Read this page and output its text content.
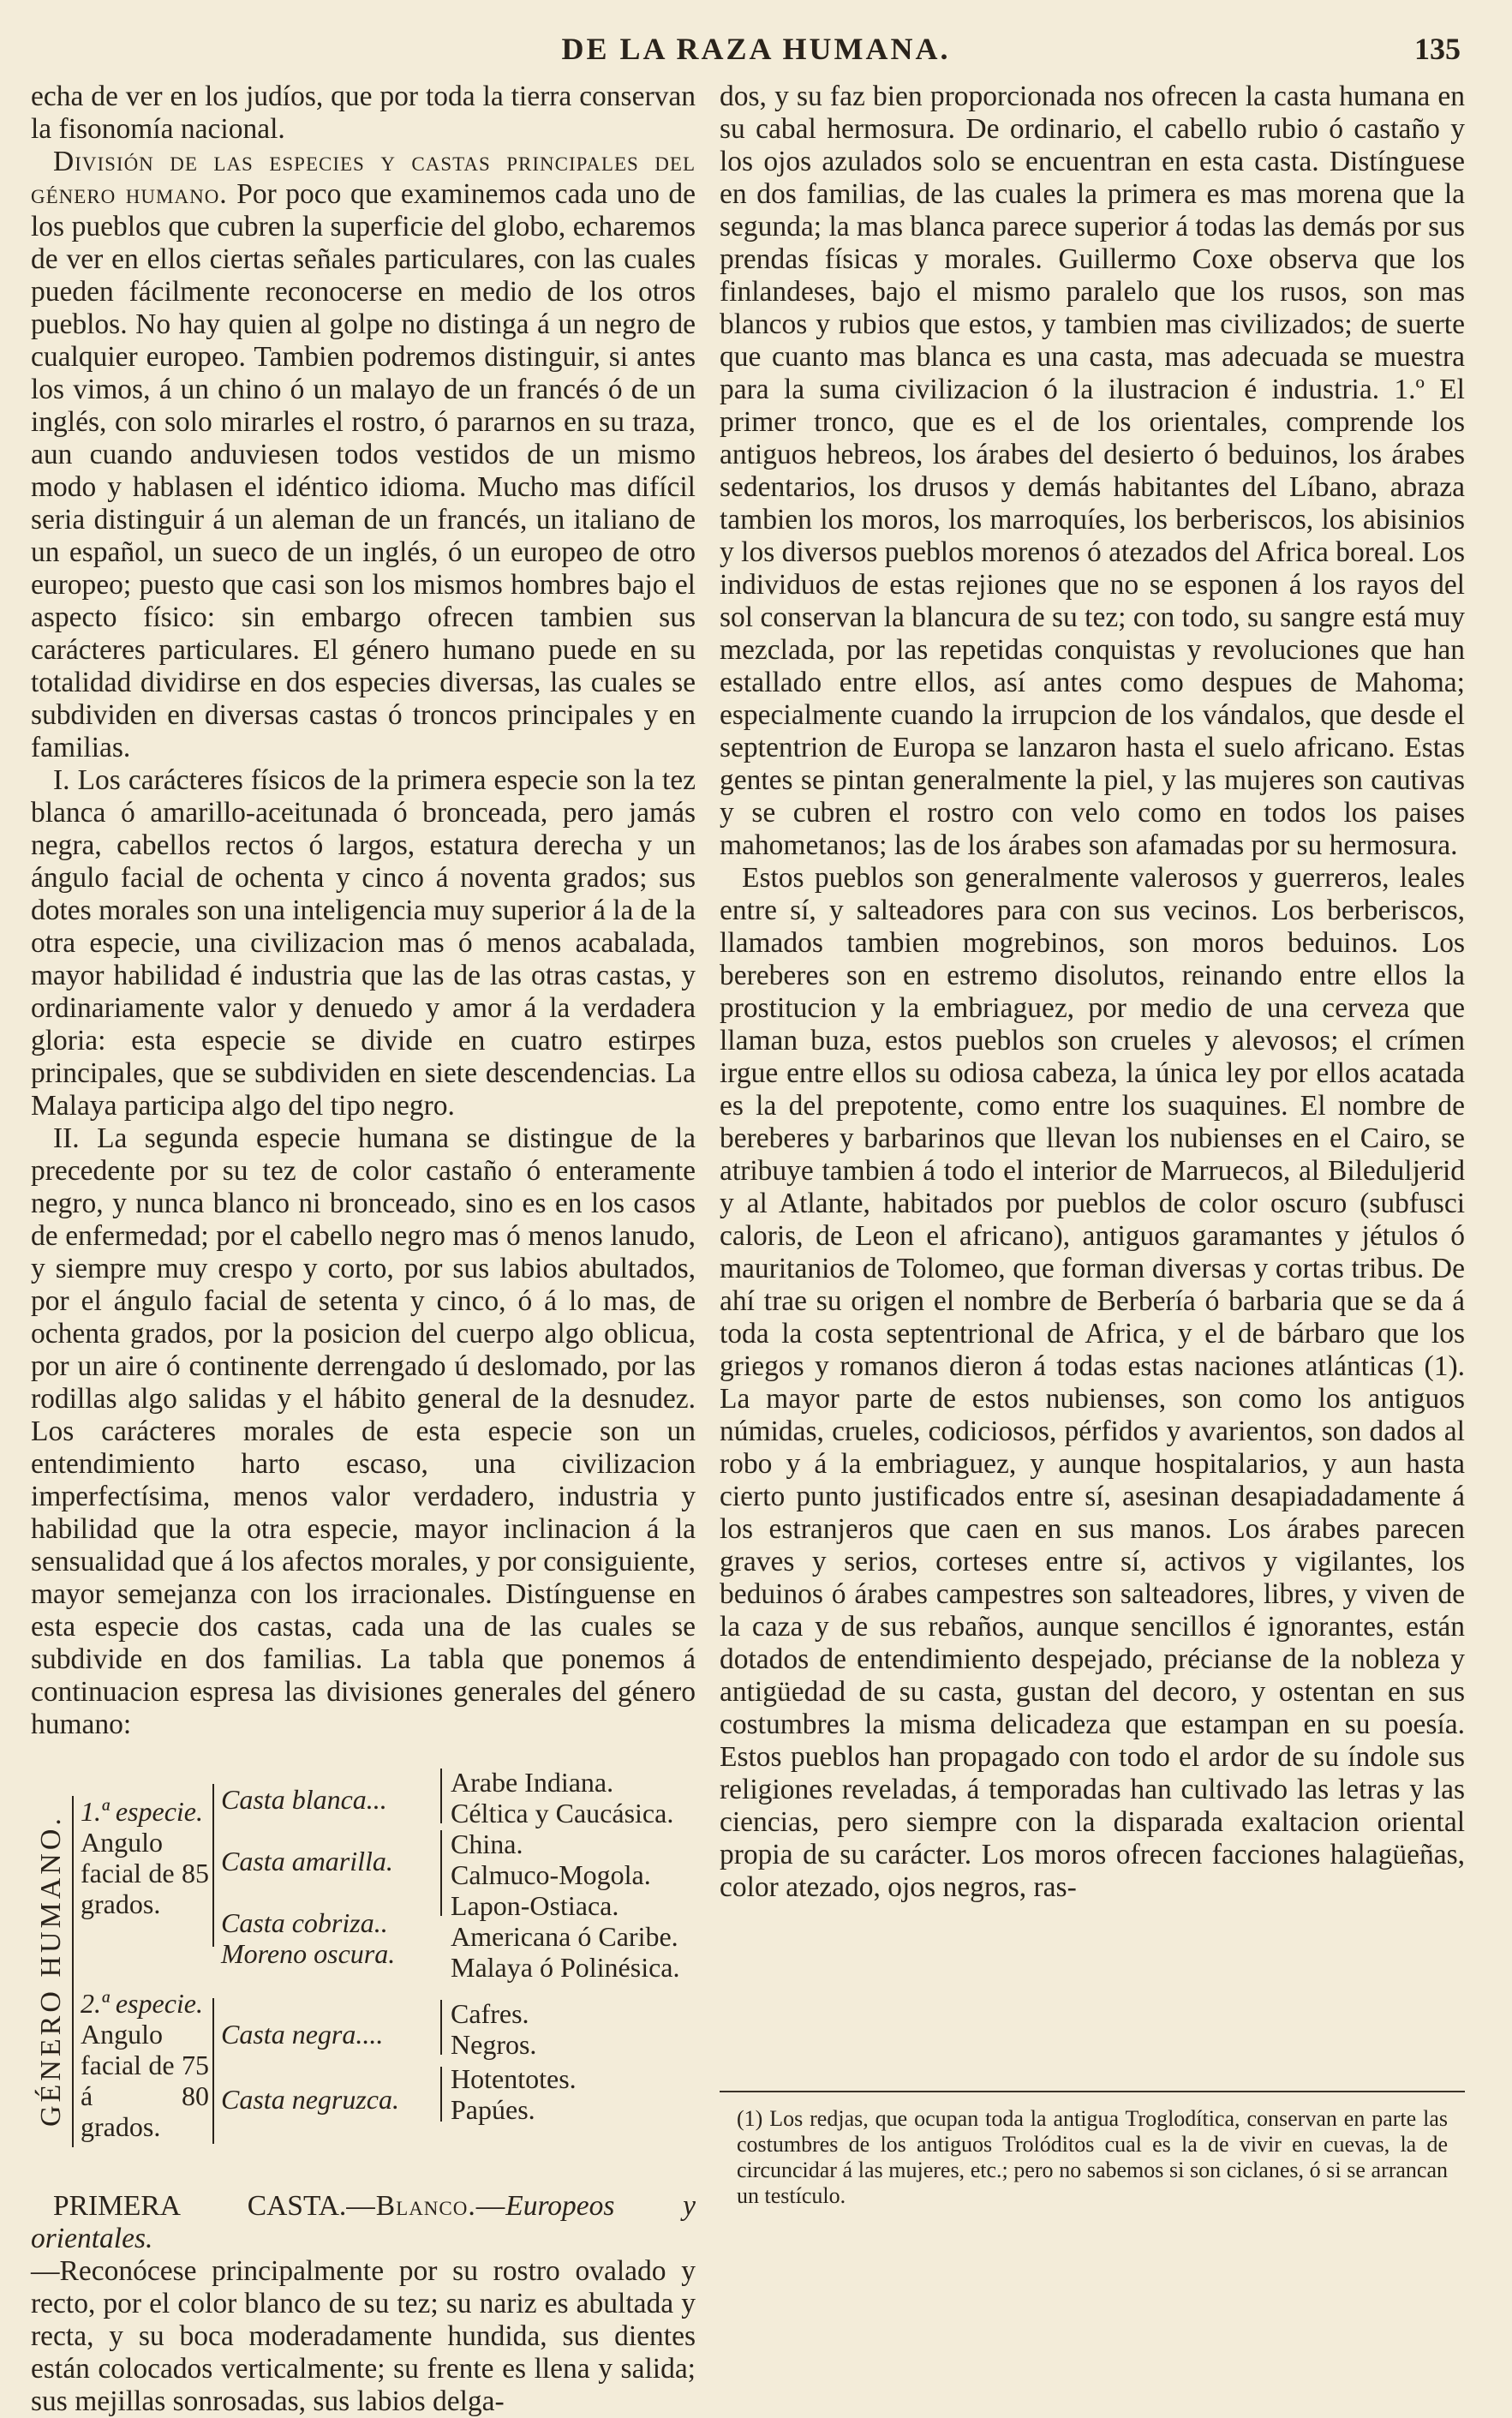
DE LA RAZA HUMANA.	135

echa de ver en los judíos, que por toda la tierra conservan la fisonomía nacional.

División de las especies y castas principales del género humano. Por poco que examinemos cada uno de los pueblos que cubren la superficie del globo, echaremos de ver en ellos ciertas señales particulares, con las cuales pueden fácilmente reconocerse en medio de los otros pueblos. No hay quien al golpe no distinga á un negro de cualquier europeo. Tambien podremos distinguir, si antes los vimos, á un chino ó un malayo de un francés ó de un inglés, con solo mirarles el rostro, ó pararnos en su traza, aun cuando anduviesen todos vestidos de un mismo modo y hablasen el idéntico idioma. Mucho mas difícil seria distinguir á un aleman de un francés, un italiano de un español, un sueco de un inglés, ó un europeo de otro europeo; puesto que casi son los mismos hombres bajo el aspecto físico: sin embargo ofrecen tambien sus carácteres particulares. El género humano puede en su totalidad dividirse en dos especies diversas, las cuales se subdividen en diversas castas ó troncos principales y en familias.

I. Los carácteres físicos de la primera especie son la tez blanca ó amarillo-aceitunada ó bronceada, pero jamás negra, cabellos rectos ó largos, estatura derecha y un ángulo facial de ochenta y cinco á noventa grados; sus dotes morales son una inteligencia muy superior á la de la otra especie, una civilizacion mas ó menos acabalada, mayor habilidad é industria que las de las otras castas, y ordinariamente valor y denuedo y amor á la verdadera gloria: esta especie se divide en cuatro estirpes principales, que se subdividen en siete descendencias. La Malaya participa algo del tipo negro.

II. La segunda especie humana se distingue de la precedente por su tez de color castaño ó enteramente negro, y nunca blanco ni bronceado, sino es en los casos de enfermedad; por el cabello negro mas ó menos lanudo, y siempre muy crespo y corto, por sus labios abultados, por el ángulo facial de setenta y cinco, ó á lo mas, de ochenta grados, por la posicion del cuerpo algo oblicua, por un aire ó continente derrengado ú deslomado, por las rodillas algo salidas y el hábito general de la desnudez. Los carácteres morales de esta especie son un entendimiento harto escaso, una civilizacion imperfectísima, menos valor verdadero, industria y habilidad que la otra especie, mayor inclinacion á la sensualidad que á los afectos morales, y por consiguiente, mayor semejanza con los irracionales. Distínguense en esta especie dos castas, cada una de las cuales se subdivide en dos familias. La tabla que ponemos á continuacion espresa las divisiones generales del género humano:

GÉNERO HUMANO.
1.ª especie.
Angulo facial de 85 grados.
Casta blanca...
Casta amarilla.
Casta cobriza..
Moreno oscura.
Arabe Indiana.
Céltica y Caucásica.
China.
Calmuco-Mogola.
Lapon-Ostiaca.
Americana ó Caribe.
Malaya ó Polinésica.
2.ª especie.
Angulo facial de 75 á 80 grados.
Casta negra....
Casta negruzca.
Cafres.
Negros.
Hotentotes.
Papúes.

PRIMERA CASTA.—Blanco.—Europeos y orientales.
—Reconócese principalmente por su rostro ovalado y recto, por el color blanco de su tez; su nariz es abultada y recta, y su boca moderadamente hundida, sus dientes están colocados verticalmente; su frente es llena y salida; sus mejillas sonrosadas, sus labios delga-

dos, y su faz bien proporcionada nos ofrecen la casta humana en su cabal hermosura. De ordinario, el cabello rubio ó castaño y los ojos azulados solo se encuentran en esta casta. Distínguese en dos familias, de las cuales la primera es mas morena que la segunda; la mas blanca parece superior á todas las demás por sus prendas físicas y morales. Guillermo Coxe observa que los finlandeses, bajo el mismo paralelo que los rusos, son mas blancos y rubios que estos, y tambien mas civilizados; de suerte que cuanto mas blanca es una casta, mas adecuada se muestra para la suma civilizacion ó la ilustracion é industria. 1.º El primer tronco, que es el de los orientales, comprende los antiguos hebreos, los árabes del desierto ó beduinos, los árabes sedentarios, los drusos y demás habitantes del Líbano, abraza tambien los moros, los marroquíes, los berberiscos, los abisinios y los diversos pueblos morenos ó atezados del Africa boreal. Los individuos de estas rejiones que no se esponen á los rayos del sol conservan la blancura de su tez; con todo, su sangre está muy mezclada, por las repetidas conquistas y revoluciones que han estallado entre ellos, así antes como despues de Mahoma; especialmente cuando la irrupcion de los vándalos, que desde el septentrion de Europa se lanzaron hasta el suelo africano. Estas gentes se pintan generalmente la piel, y las mujeres son cautivas y se cubren el rostro con velo como en todos los paises mahometanos; las de los árabes son afamadas por su hermosura.

Estos pueblos son generalmente valerosos y guerreros, leales entre sí, y salteadores para con sus vecinos. Los berberiscos, llamados tambien mogrebinos, son moros beduinos. Los bereberes son en estremo disolutos, reinando entre ellos la prostitucion y la embriaguez, por medio de una cerveza que llaman buza, estos pueblos son crueles y alevosos; el crímen irgue entre ellos su odiosa cabeza, la única ley por ellos acatada es la del prepotente, como entre los suaquines. El nombre de bereberes y barbarinos que llevan los nubienses en el Cairo, se atribuye tambien á todo el interior de Marruecos, al Bileduljerid y al Atlante, habitados por pueblos de color oscuro (subfusci caloris, de Leon el africano), antiguos garamantes y jétulos ó mauritanios de Tolomeo, que forman diversas y cortas tribus. De ahí trae su origen el nombre de Berbería ó barbaria que se da á toda la costa septentrional de Africa, y el de bárbaro que los griegos y romanos dieron á todas estas naciones atlánticas (1). La mayor parte de estos nubienses, son como los antiguos númidas, crueles, codiciosos, pérfidos y avarientos, son dados al robo y á la embriaguez, y aunque hospitalarios, y aun hasta cierto punto justificados entre sí, asesinan desapiadadamente á los estranjeros que caen en sus manos. Los árabes parecen graves y serios, corteses entre sí, activos y vigilantes, los beduinos ó árabes campestres son salteadores, libres, y viven de la caza y de sus rebaños, aunque sencillos é ignorantes, están dotados de entendimiento despejado, précianse de la nobleza y antigüedad de su casta, gustan del decoro, y ostentan en sus costumbres la misma delicadeza que estampan en su poesía. Estos pueblos han propagado con todo el ardor de su índole sus religiones reveladas, á temporadas han cultivado las letras y las ciencias, pero siempre con la disparada exaltacion oriental propia de su carácter. Los moros ofrecen facciones halagüeñas, color atezado, ojos negros, ras-

(1) Los redjas, que ocupan toda la antigua Troglodítica, conservan en parte las costumbres de los antiguos Trolóditos cual es la de vivir en cuevas, la de circuncidar á las mujeres, etc.; pero no sabemos si son ciclanes, ó si se arrancan un testículo.
